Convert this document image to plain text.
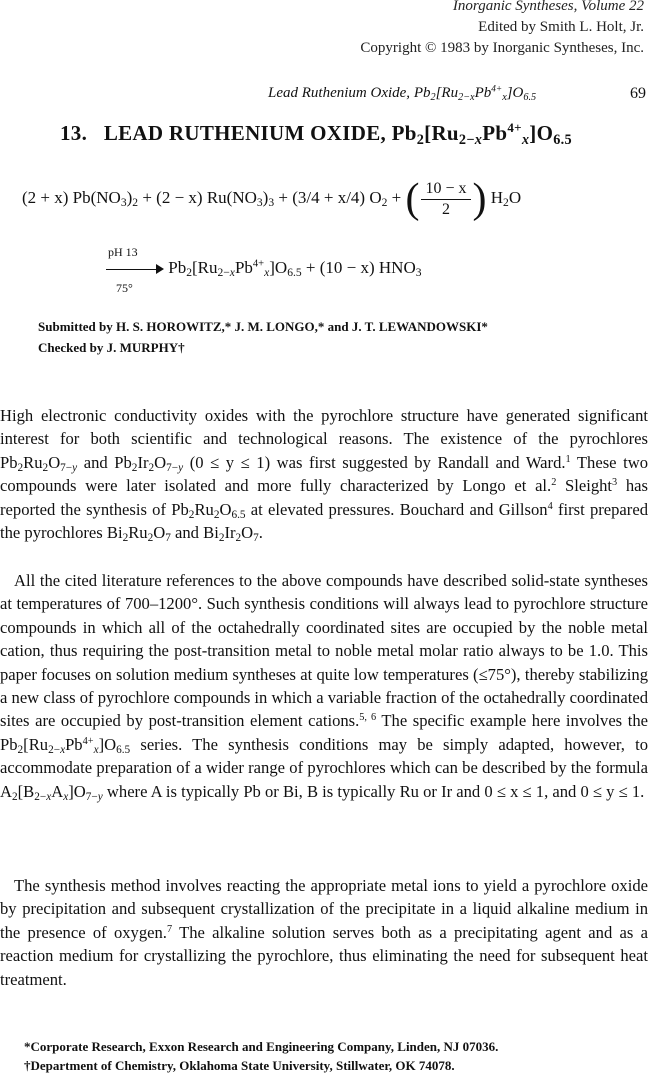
Inorganic Syntheses, Volume 22
Edited by Smith L. Holt, Jr.
Copyright © 1983 by Inorganic Syntheses, Inc.
Lead Ruthenium Oxide, $Pb_2[Ru_{2-x}Pb^{4+}_x]O_{6.5}$	69
13. LEAD RUTHENIUM OXIDE, $Pb_2[Ru_{2-x}Pb^{4+}_x]O_{6.5}$
(2 + x) $Pb(NO_3)_2 + (2 - x) Ru(NO_3)_3 + (3/4 + x/4) O_2$ + ( $\frac{10 - x}{2}$ ) $H_2O$
$\frac{pH 13}{75^\circ} Pb_2[Ru_{2-x}Pb^{4+}_x]O_{6.5} + (10 - x)$ $HNO_3$
Submitted by H. S. HOROWITZ,* J. M. LONGO,* and J. T. LEWANDOWSKI*
Checked by J. MURPHY†
High electronic conductivity oxides with the pyrochlore structure have generated significant interest for both scientific and technological reasons. The existence of the pyrochlores $Pb_2Ru_2O_{7-y}$ and $Pb_2Ir_2O_{7-y}$ (0 ≤ y ≤ 1) was first suggested by Randall and Ward.$^1$ These two compounds were later isolated and more fully characterized by Longo et al.$^2$ Sleight$^3$ has reported the synthesis of $Pb_2Ru_2O_{6.5}$ at elevated pressures. Bouchard and Gillson$^4$ first prepared the pyrochlores $Bi_2Ru_2O_7$ and $Bi_2Ir_2O_7$.
All the cited literature references to the above compounds have described solid-state syntheses at temperatures of 700–1200°. Such synthesis conditions will always lead to pyrochlore structure compounds in which all of the octahedrally coordinated sites are occupied by the noble metal cation, thus requiring the post-transition metal to noble metal molar ratio always to be 1.0. This paper focuses on solution medium syntheses at quite low temperatures (≤75°), thereby stabilizing a new class of pyrochlore compounds in which a variable fraction of the octahedrally coordinated sites are occupied by post-transition element cations.$^{5, 6}$ The specific example here involves the $Pb_2[Ru_{2-x}Pb^{4+}_x]O_{6.5}$ series. The synthesis conditions may be simply adapted, however, to accommodate preparation of a wider range of pyrochlores which can be described by the formula $A_2[B_{2-x}A_x]O_{7-y}$ where A is typically Pb or Bi, B is typically Ru or Ir and 0 ≤ x ≤ 1, and 0 ≤ y ≤ 1.
The synthesis method involves reacting the appropriate metal ions to yield a pyrochlore oxide by precipitation and subsequent crystallization of the precipitate in a liquid alkaline medium in the presence of oxygen.$^7$ The alkaline solution serves both as a precipitating agent and as a reaction medium for crystallizing the pyrochlore, thus eliminating the need for subsequent heat treatment.
*Corporate Research, Exxon Research and Engineering Company, Linden, NJ 07036.
†Department of Chemistry, Oklahoma State University, Stillwater, OK 74078.
